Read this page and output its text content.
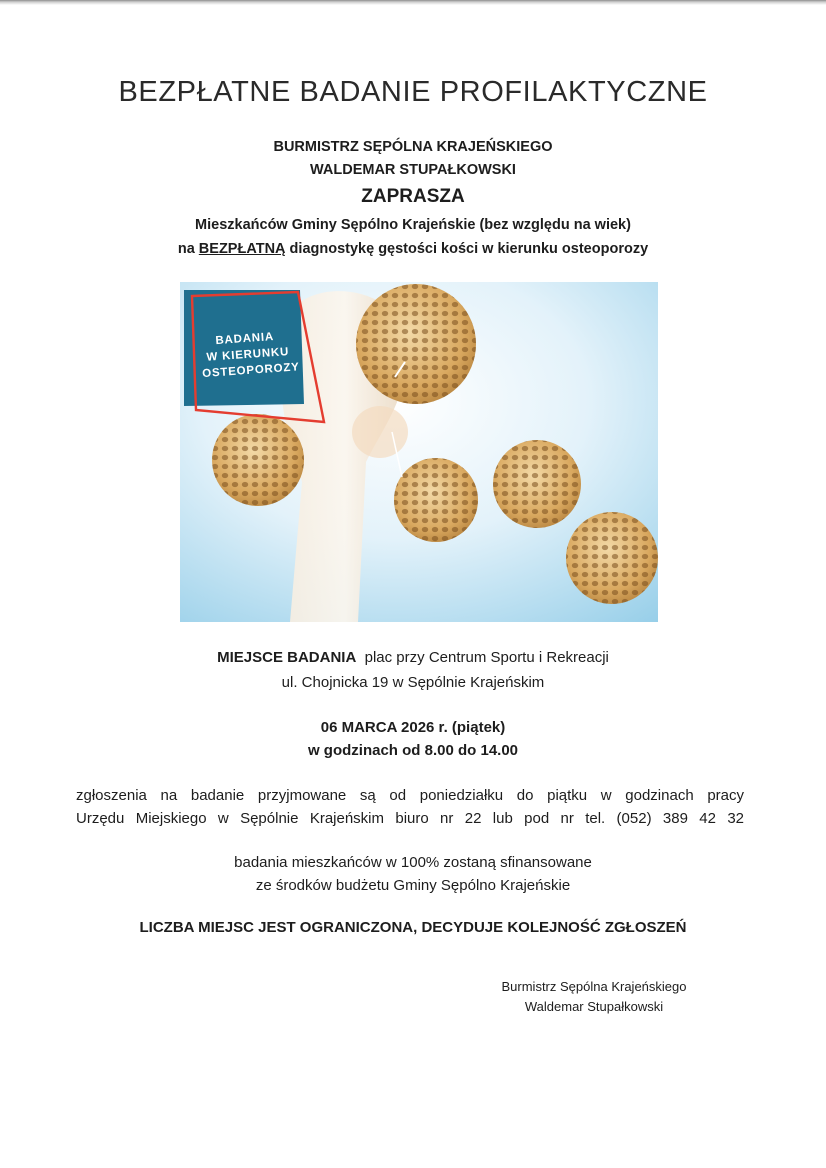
BEZPŁATNE BADANIE PROFILAKTYCZNE
BURMISTRZ SĘPÓLNA KRAJEŃSKIEGO
WALDEMAR STUPAŁKOWSKI
ZAPRASZA
Mieszkańców Gminy Sępólno Krajeńskie (bez względu na wiek)
na BEZPŁATNĄ diagnostykę gęstości kości w kierunku osteoporozy
BADANIA
W KIERUNKU
OSTEOPOROZY
MIEJSCE BADANIA plac przy Centrum Sportu i Rekreacji
ul. Chojnicka 19 w Sępólnie Krajeńskim
06 MARCA 2026 r. (piątek)
w godzinach od 8.00 do 14.00
zgłoszenia na badanie przyjmowane są od poniedziałku do piątku w godzinach pracy
Urzędu Miejskiego w Sępólnie Krajeńskim biuro nr 22 lub pod nr tel. (052) 389 42 32
badania mieszkańców w 100% zostaną sfinansowane
ze środków budżetu Gminy Sępólno Krajeńskie
LICZBA MIEJSC JEST OGRANICZONA, DECYDUJE KOLEJNOŚĆ ZGŁOSZEŃ
Burmistrz Sępólna Krajeńskiego
Waldemar Stupałkowski
